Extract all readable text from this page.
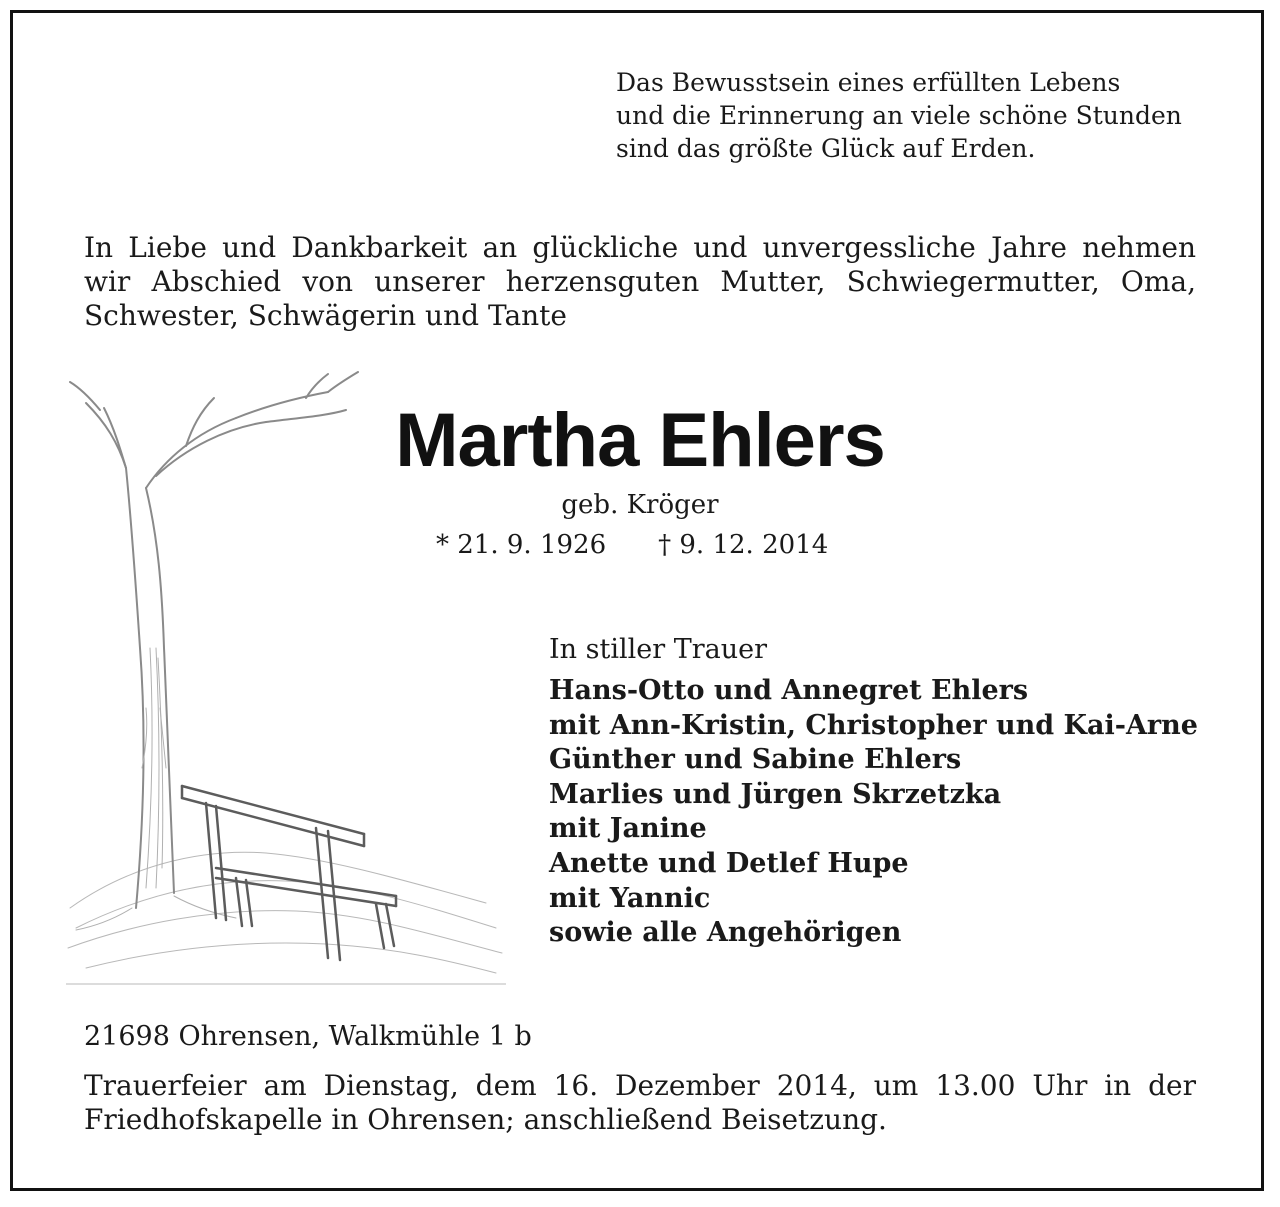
Das Bewusstsein eines erfüllten Lebens
und die Erinnerung an viele schöne Stunden
sind das größte Glück auf Erden.
In Liebe und Dankbarkeit an glückliche und unvergessliche Jahre nehmen
wir Abschied von unserer herzensguten Mutter, Schwiegermutter, Oma,
Schwester, Schwägerin und Tante
Martha Ehlers
geb. Kröger
* 21. 9. 1926 † 9. 12. 2014
In stiller Trauer
Hans-Otto und Annegret Ehlers
mit Ann-Kristin, Christopher und Kai-Arne
Günther und Sabine Ehlers
Marlies und Jürgen Skrzetzka
mit Janine
Anette und Detlef Hupe
mit Yannic
sowie alle Angehörigen
21698 Ohrensen, Walkmühle 1 b
Trauerfeier am Dienstag, dem 16. Dezember 2014, um 13.00 Uhr in der
Friedhofskapelle in Ohrensen; anschließend Beisetzung.
